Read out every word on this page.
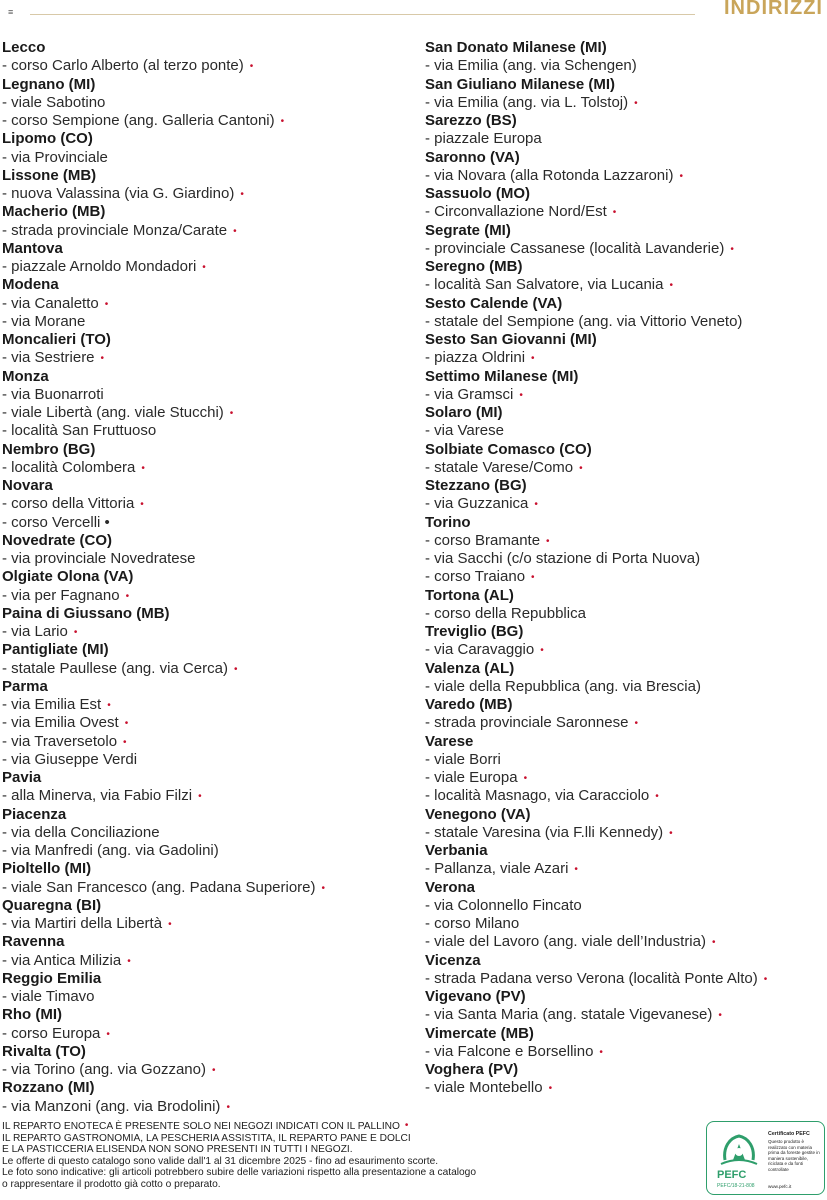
≡	INDIRIZZI
Lecco
- corso Carlo Alberto (al terzo ponte) •
Legnano (MI)
- viale Sabotino
- corso Sempione (ang. Galleria Cantoni) •
Lipomo (CO)
- via Provinciale
Lissone (MB)
- nuova Valassina (via G. Giardino) •
Macherio (MB)
- strada provinciale Monza/Carate •
Mantova
- piazzale Arnoldo Mondadori •
Modena
- via Canaletto •
- via Morane
Moncalieri (TO)
- via Sestriere •
Monza
- via Buonarroti
- viale Libertà (ang. viale Stucchi) •
- località San Fruttuoso
Nembro (BG)
- località Colombera •
Novara
- corso della Vittoria •
- corso Vercelli •
Novedrate (CO)
- via provinciale Novedratese
Olgiate Olona (VA)
- via per Fagnano •
Paina di Giussano (MB)
- via Lario •
Pantigliate (MI)
- statale Paullese (ang. via Cerca) •
Parma
- via Emilia Est •
- via Emilia Ovest •
- via Traversetolo •
- via Giuseppe Verdi
Pavia
- alla Minerva, via Fabio Filzi •
Piacenza
- via della Conciliazione
- via Manfredi (ang. via Gadolini)
Pioltello (MI)
- viale San Francesco (ang. Padana Superiore) •
Quaregna (BI)
- via Martiri della Libertà •
Ravenna
- via Antica Milizia •
Reggio Emilia
- viale Timavo
Rho (MI)
- corso Europa •
Rivalta (TO)
- via Torino (ang. via Gozzano) •
Rozzano (MI)
- via Manzoni (ang. via Brodolini) •
San Donato Milanese (MI)
- via Emilia (ang. via Schengen)
San Giuliano Milanese (MI)
- via Emilia (ang. via L. Tolstoj) •
Sarezzo (BS)
- piazzale Europa
Saronno (VA)
- via Novara (alla Rotonda Lazzaroni) •
Sassuolo (MO)
- Circonvallazione Nord/Est •
Segrate (MI)
- provinciale Cassanese (località Lavanderie) •
Seregno (MB)
- località San Salvatore, via Lucania •
Sesto Calende (VA)
- statale del Sempione (ang. via Vittorio Veneto)
Sesto San Giovanni (MI)
- piazza Oldrini •
Settimo Milanese (MI)
- via Gramsci •
Solaro (MI)
- via Varese
Solbiate Comasco (CO)
- statale Varese/Como •
Stezzano (BG)
- via Guzzanica •
Torino
- corso Bramante •
- via Sacchi (c/o stazione di Porta Nuova)
- corso Traiano •
Tortona (AL)
- corso della Repubblica
Treviglio (BG)
- via Caravaggio •
Valenza (AL)
- viale della Repubblica (ang. via Brescia)
Varedo (MB)
- strada provinciale Saronnese •
Varese
- viale Borri
- viale Europa •
- località Masnago, via Caracciolo •
Venegono (VA)
- statale Varesina (via F.lli Kennedy) •
Verbania
- Pallanza, viale Azari •
Verona
- via Colonnello Fincato
- corso Milano
- viale del Lavoro (ang. viale dell’Industria) •
Vicenza
- strada Padana verso Verona (località Ponte Alto) •
Vigevano (PV)
- via Santa Maria (ang. statale Vigevanese) •
Vimercate (MB)
- via Falcone e Borsellino •
Voghera (PV)
- viale Montebello •
IL REPARTO ENOTECA È PRESENTE SOLO NEI NEGOZI INDICATI CON IL PALLINO •
IL REPARTO GASTRONOMIA, LA PESCHERIA ASSISTITA, IL REPARTO PANE E DOLCI
E LA PASTICCERIA ELISENDA NON SONO PRESENTI IN TUTTI I NEGOZI.
Le offerte di questo catalogo sono valide dall'1 al 31 dicembre 2025 - fino ad esaurimento scorte.
Le foto sono indicative: gli articoli potrebbero subire delle variazioni rispetto alla presentazione a catalogo
o rappresentare il prodotto già cotto o preparato.
PEFC
PEFC/18-21-808
Certificato PEFC
Questo prodotto è realizzato con materia prima da foreste gestite in maniera sostenibile, riciclata e da fonti controllate
www.pefc.it
